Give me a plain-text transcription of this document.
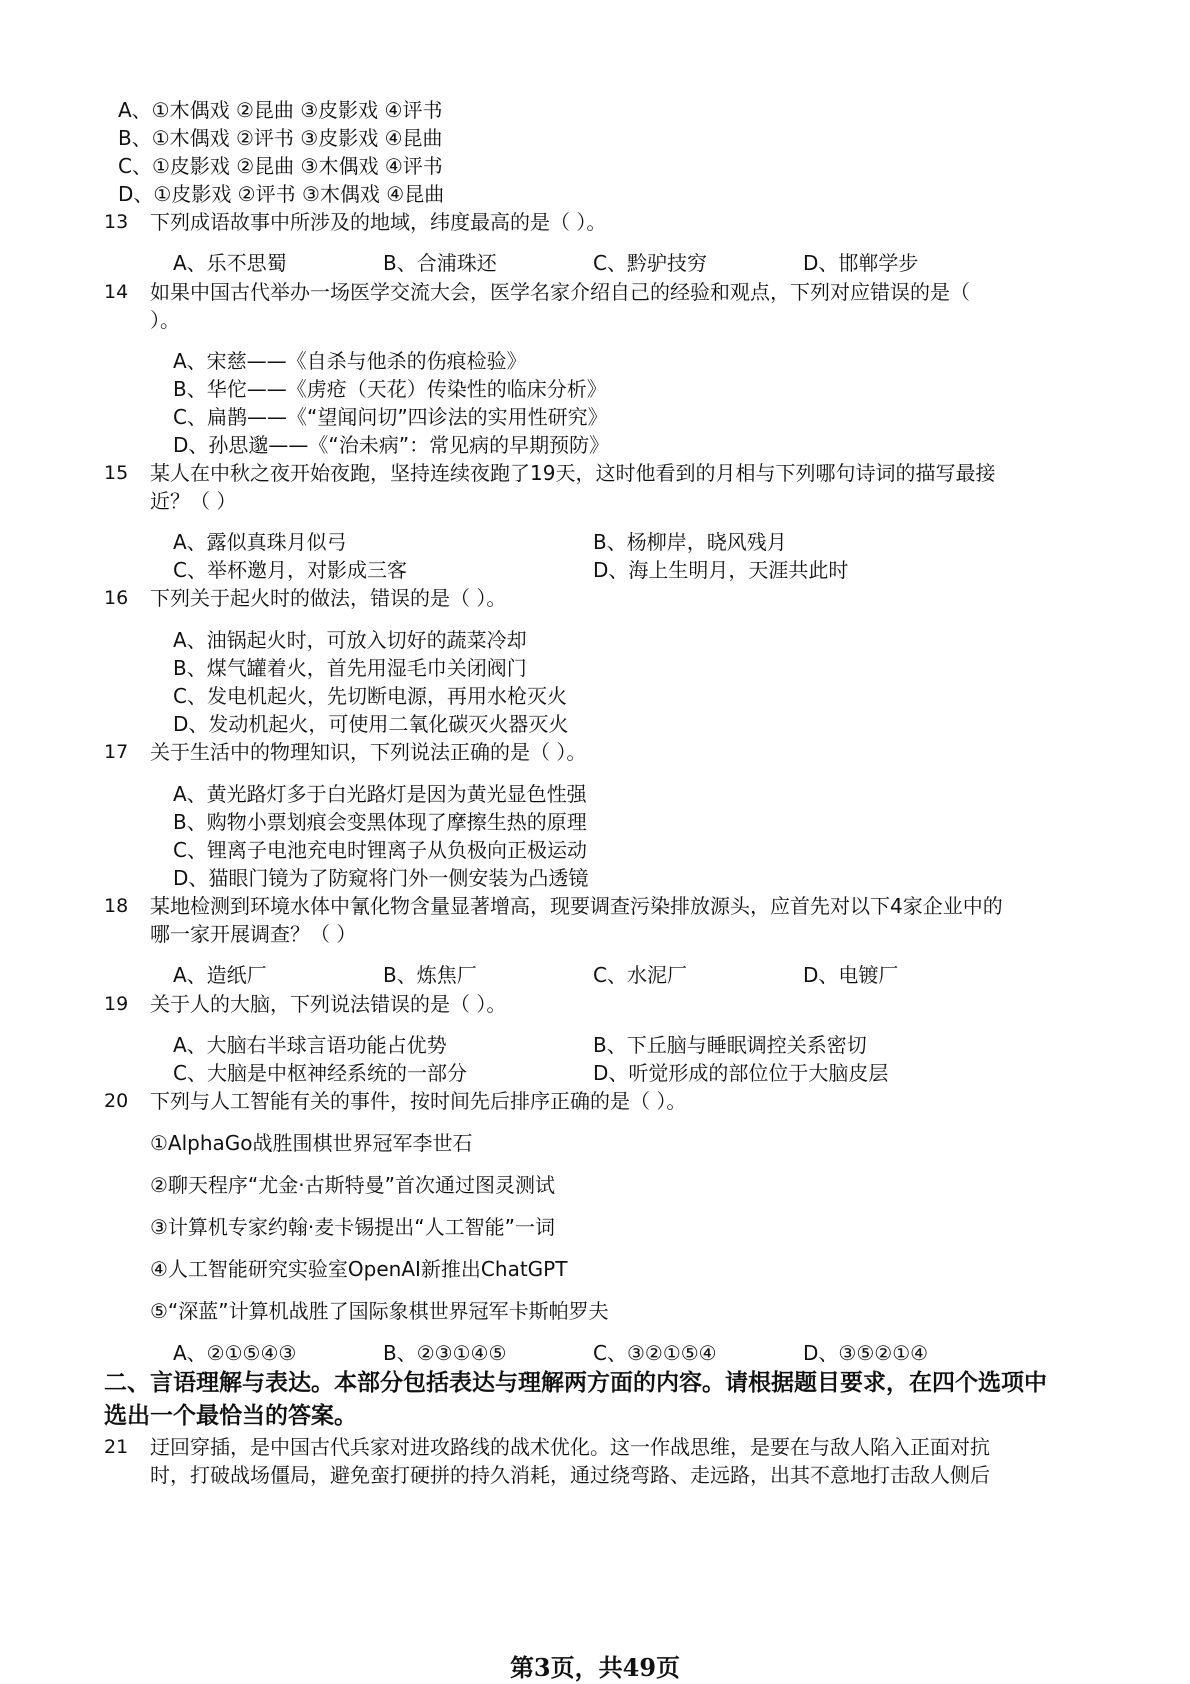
A、①木偶戏 ②昆曲 ③皮影戏 ④评书
B、①木偶戏 ②评书 ③皮影戏 ④昆曲
C、①皮影戏 ②昆曲 ③木偶戏 ④评书
D、①皮影戏 ②评书 ③木偶戏 ④昆曲
13 下列成语故事中所涉及的地域，纬度最高的是（ ）。
A、乐不思蜀	B、合浦珠还	C、黔驴技穷	D、邯郸学步
14 如果中国古代举办一场医学交流大会，医学名家介绍自己的经验和观点，下列对应错误的是（
）。
A、宋慈——《自杀与他杀的伤痕检验》
B、华佗——《虏疮（天花）传染性的临床分析》
C、扁鹊——《“望闻问切”四诊法的实用性研究》
D、孙思邈——《“治未病”：常见病的早期预防》
15 某人在中秋之夜开始夜跑，坚持连续夜跑了19天，这时他看到的月相与下列哪句诗词的描写最接
近？（ ）
A、露似真珠月似弓	B、杨柳岸，晓风残月
C、举杯邀月，对影成三客	D、海上生明月，天涯共此时
16 下列关于起火时的做法，错误的是（ ）。
A、油锅起火时，可放入切好的蔬菜冷却
B、煤气罐着火，首先用湿毛巾关闭阀门
C、发电机起火，先切断电源，再用水枪灭火
D、发动机起火，可使用二氧化碳灭火器灭火
17 关于生活中的物理知识，下列说法正确的是（ ）。
A、黄光路灯多于白光路灯是因为黄光显色性强
B、购物小票划痕会变黑体现了摩擦生热的原理
C、锂离子电池充电时锂离子从负极向正极运动
D、猫眼门镜为了防窥将门外一侧安装为凸透镜
18 某地检测到环境水体中氰化物含量显著增高，现要调查污染排放源头，应首先对以下4家企业中的
哪一家开展调查？（ ）
A、造纸厂	B、炼焦厂	C、水泥厂	D、电镀厂
19 关于人的大脑，下列说法错误的是（ ）。
A、大脑右半球言语功能占优势	B、下丘脑与睡眠调控关系密切
C、大脑是中枢神经系统的一部分	D、听觉形成的部位位于大脑皮层
20 下列与人工智能有关的事件，按时间先后排序正确的是（ ）。
①AlphaGo战胜围棋世界冠军李世石
②聊天程序“尤金·古斯特曼”首次通过图灵测试
③计算机专家约翰·麦卡锡提出“人工智能”一词
④人工智能研究实验室OpenAI新推出ChatGPT
⑤“深蓝”计算机战胜了国际象棋世界冠军卡斯帕罗夫
A、②①⑤④③	B、②③①④⑤	C、③②①⑤④	D、③⑤②①④
二、言语理解与表达。本部分包括表达与理解两方面的内容。请根据题目要求，在四个选项中
选出一个最恰当的答案。
21 迂回穿插，是中国古代兵家对进攻路线的战术优化。这一作战思维，是要在与敌人陷入正面对抗
时，打破战场僵局，避免蛮打硬拼的持久消耗，通过绕弯路、走远路，出其不意地打击敌人侧后
第3页，共49页
